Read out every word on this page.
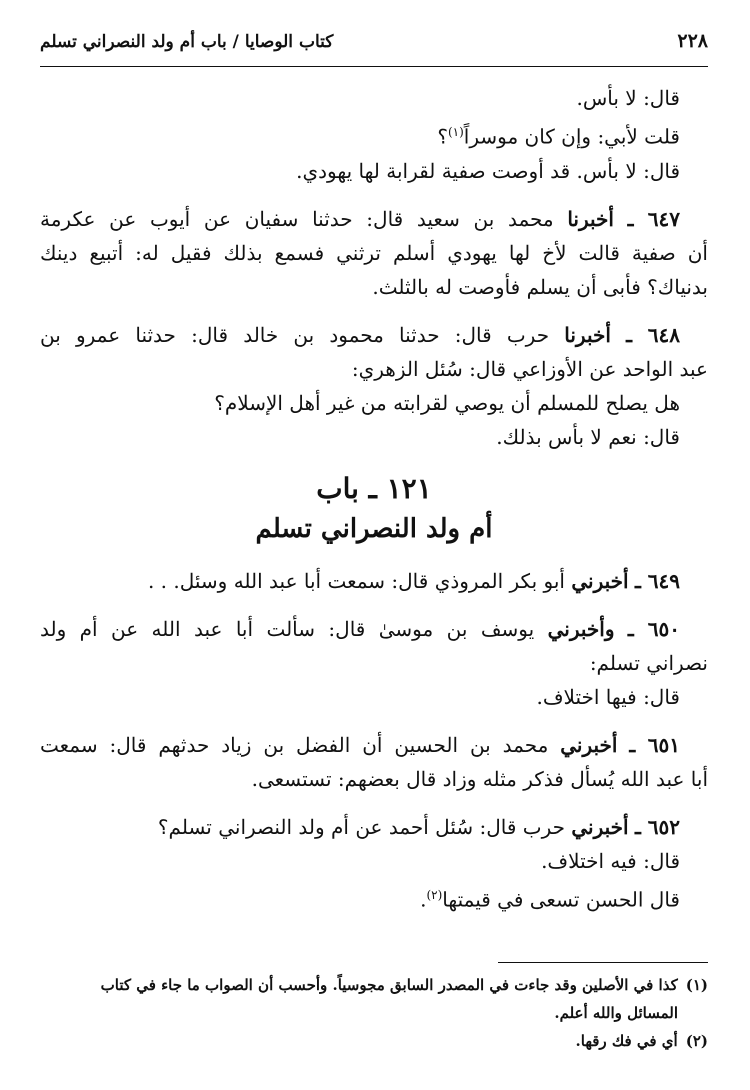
٢٢٨
كتاب الوصايا / باب أم ولد النصراني تسلم
قال: لا بأس.
قلت لأبي: وإن كان موسراً$^{(١)}$؟
قال: لا بأس. قد أوصت صفية لقرابة لها يهودي.
٦٤٧ ـ أخبرنا محمد بن سعيد قال: حدثنا سفيان عن أيوب عن عكرمة
أن صفية قالت لأخ لها يهودي أسلم ترثني فسمع بذلك فقيل له: أتبيع دينك
بدنياك؟ فأبى أن يسلم فأوصت له بالثلث.
٦٤٨ ـ أخبرنا حرب قال: حدثنا محمود بن خالد قال: حدثنا عمرو بن
عبد الواحد عن الأوزاعي قال: سُئل الزهري:
هل يصلح للمسلم أن يوصي لقرابته من غير أهل الإسلام؟
قال: نعم لا بأس بذلك.
١٢١ ـ باب
أم ولد النصراني تسلم
٦٤٩ ـ أخبرني أبو بكر المروذي قال: سمعت أبا عبد الله وسئل. . .
٦٥٠ ـ وأخبرني يوسف بن موسىٰ قال: سألت أبا عبد الله عن أم ولد
نصراني تسلم:
قال: فيها اختلاف.
٦٥١ ـ أخبرني محمد بن الحسين أن الفضل بن زياد حدثهم قال: سمعت
أبا عبد الله يُسأل فذكر مثله وزاد قال بعضهم: تستسعى.
٦٥٢ ـ أخبرني حرب قال: سُئل أحمد عن أم ولد النصراني تسلم؟
قال: فيه اختلاف.
قال الحسن تسعى في قيمتها$^{(٢)}$.
(١)كذا في الأصلين وقد جاءت في المصدر السابق مجوسياً. وأحسب أن الصواب ما جاء في كتاب
المسائل والله أعلم.
(٢)أي في فك رقها.
